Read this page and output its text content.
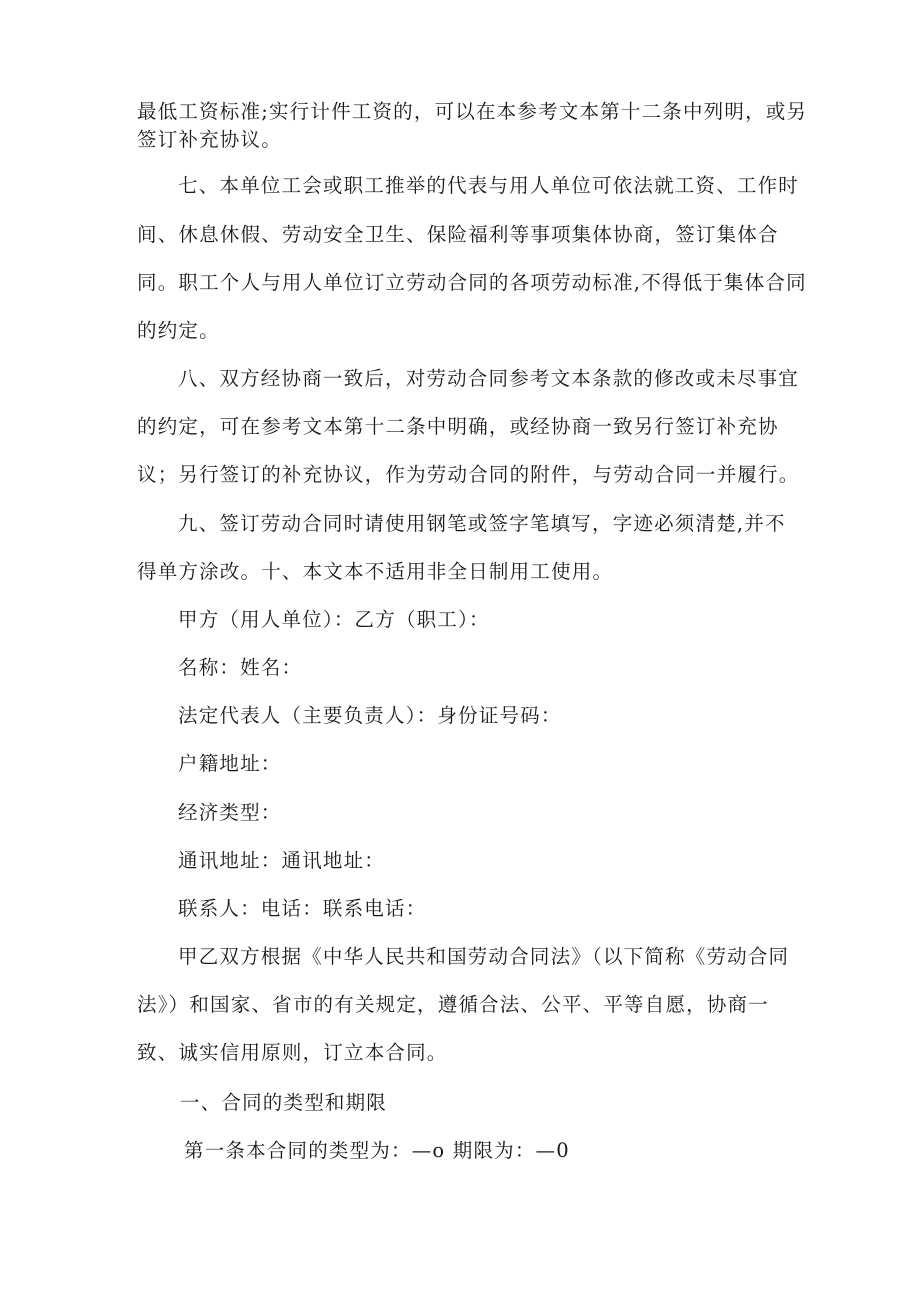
最低工资标准;实行计件工资的，可以在本参考文本第十二条中列明，或另
签订补充协议。
七、本单位工会或职工推举的代表与用人单位可依法就工资、工作时
间、休息休假、劳动安全卫生、保险福利等事项集体协商，签订集体合
同。职工个人与用人单位订立劳动合同的各项劳动标准,不得低于集体合同
的约定。
八、双方经协商一致后，对劳动合同参考文本条款的修改或未尽事宜
的约定，可在参考文本第十二条中明确，或经协商一致另行签订补充协
议；另行签订的补充协议，作为劳动合同的附件，与劳动合同一并履行。
九、签订劳动合同时请使用钢笔或签字笔填写，字迹必须清楚,并不
得单方涂改。十、本文本不适用非全日制用工使用。
甲方（用人单位）：乙方（职工）：
名称：姓名：
法定代表人（主要负责人）：身份证号码：
户籍地址：
经济类型：
通讯地址：通讯地址：
联系人：电话：联系电话：
甲乙双方根据《中华人民共和国劳动合同法》（以下简称《劳动合同
法》）和国家、省市的有关规定，遵循合法、公平、平等自愿，协商一
致、诚实信用原则，订立本合同。
一、合同的类型和期限
第一条本合同的类型为：—o 期限为：—0
